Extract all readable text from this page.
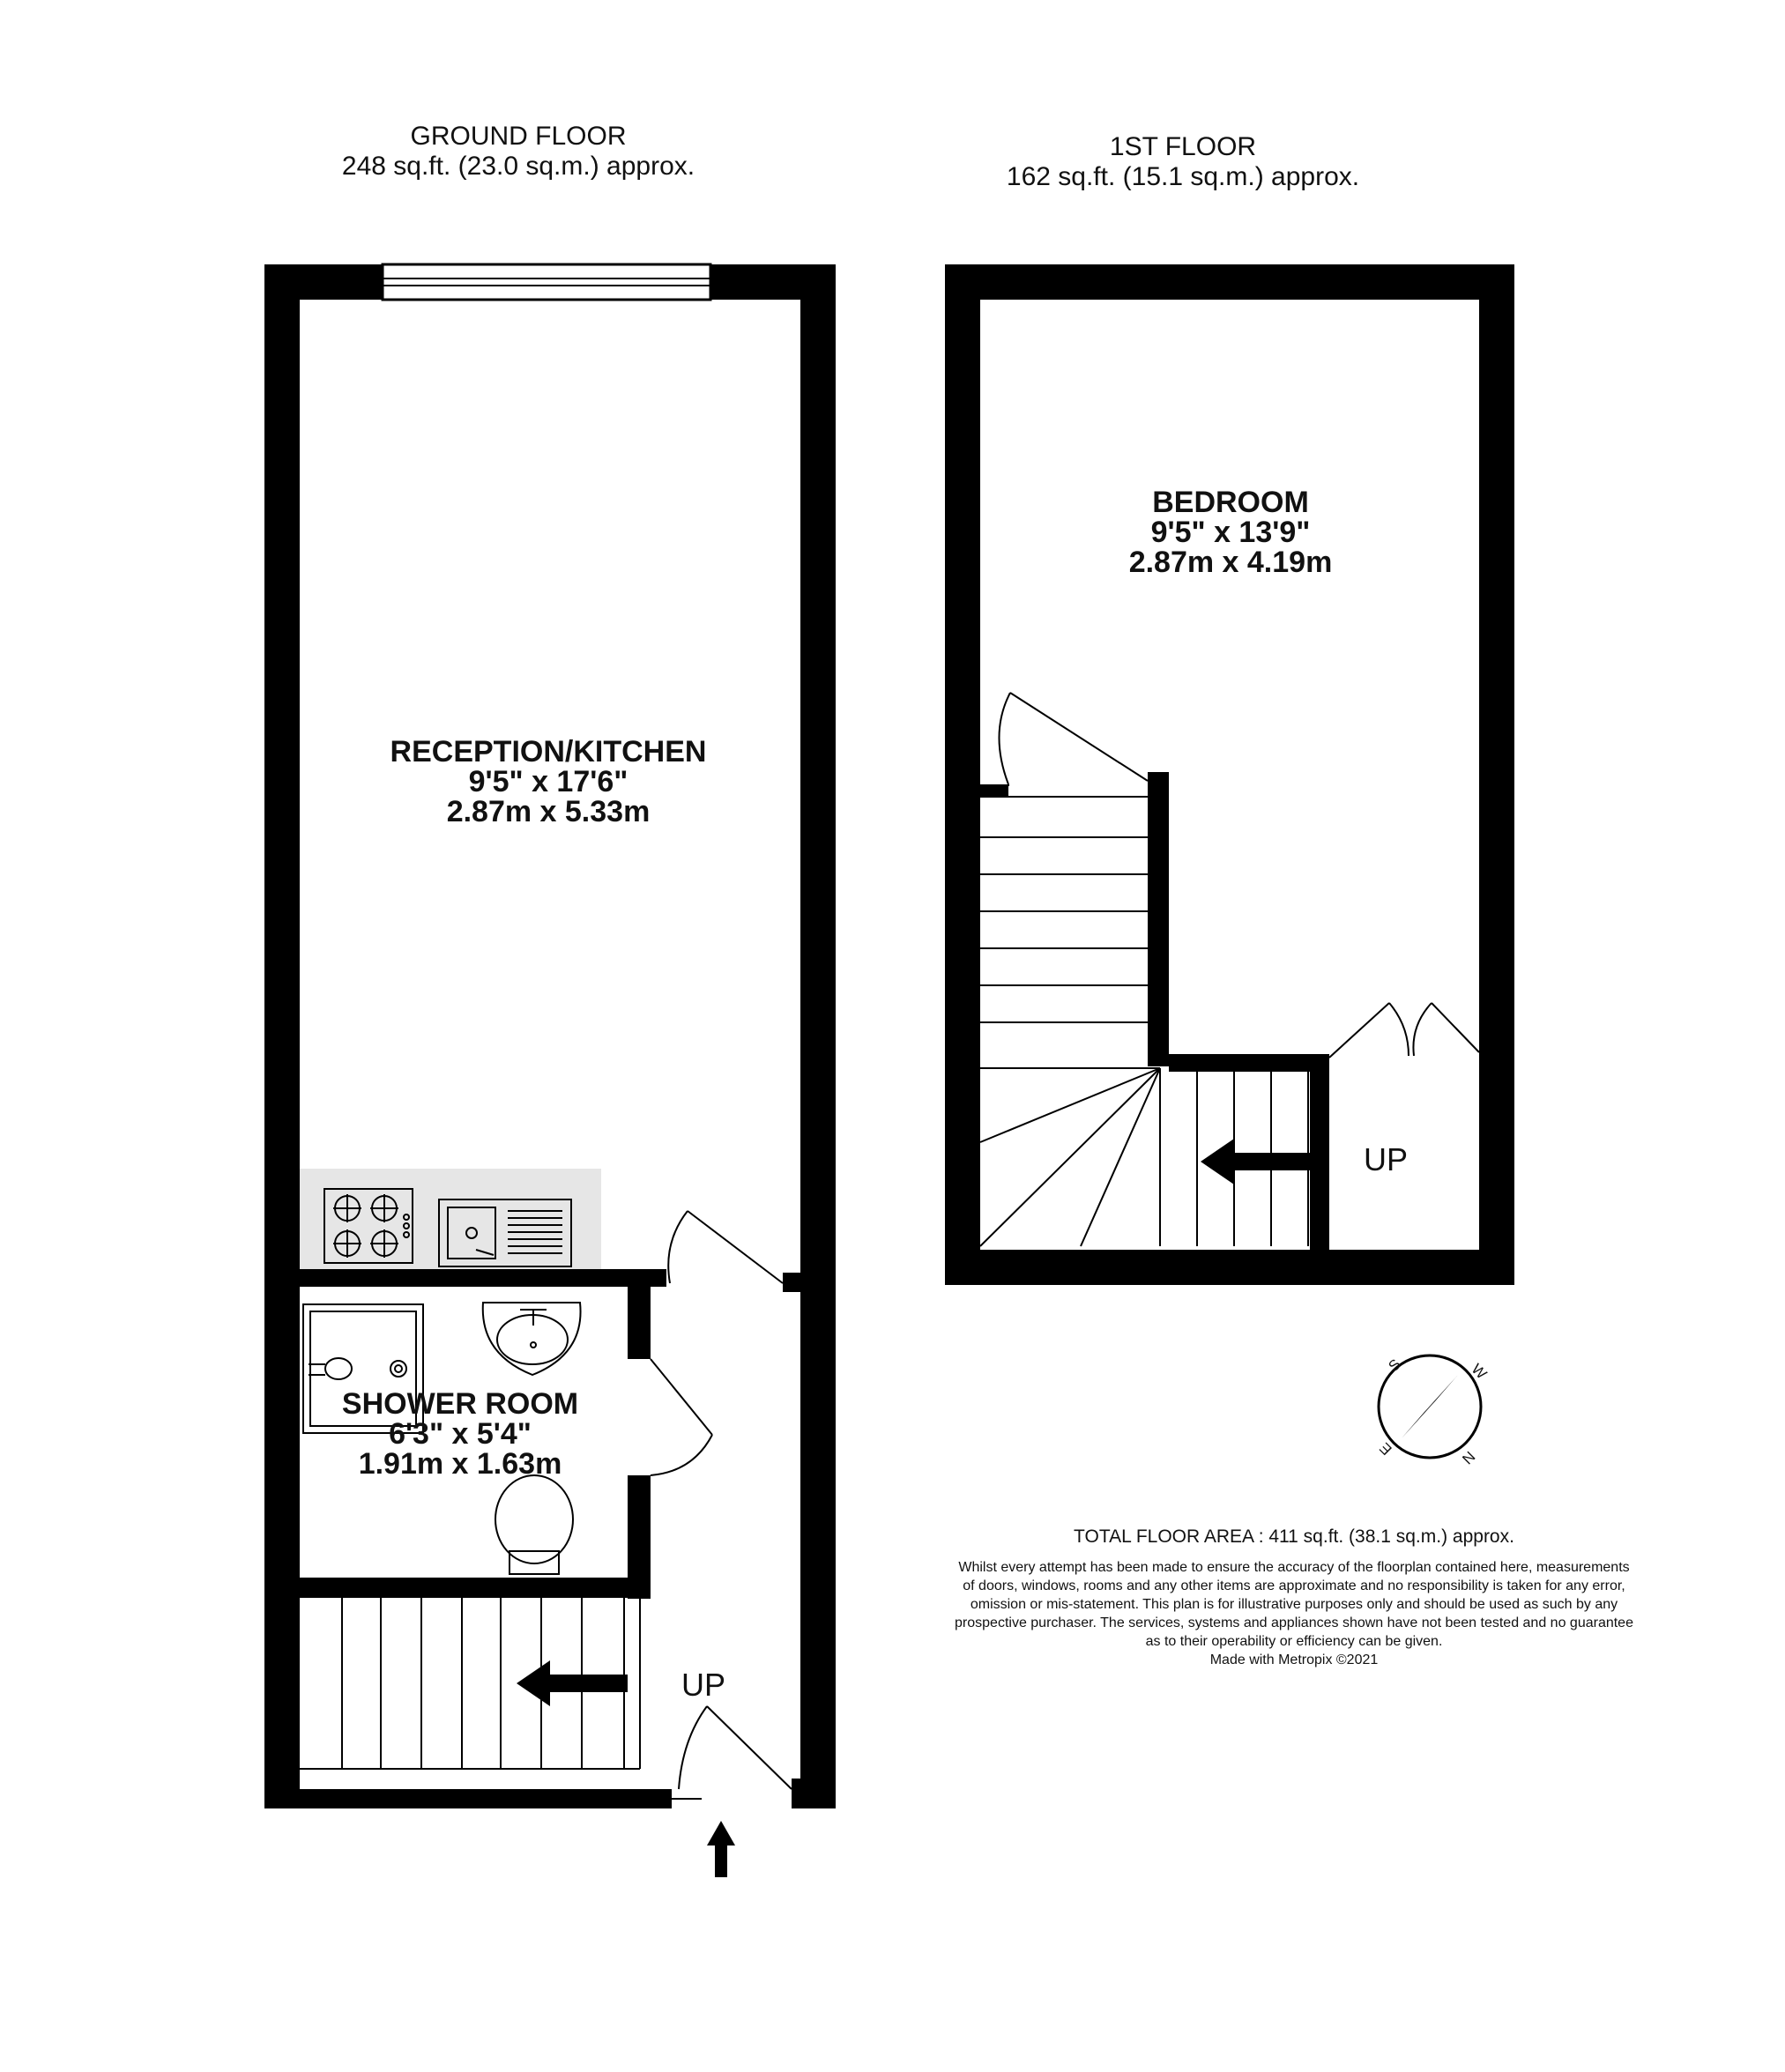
GROUND FLOOR
248 sq.ft. (23.0 sq.m.) approx.
1ST FLOOR
162 sq.ft. (15.1 sq.m.) approx.
RECEPTION/KITCHEN
9'5" x 17'6"
2.87m x 5.33m
SHOWER ROOM
6'3" x 5'4"
1.91m x 1.63m
BEDROOM
9'5" x 13'9"
2.87m x 4.19m
UP
UP
S	W
N
E
TOTAL FLOOR AREA : 411 sq.ft. (38.1 sq.m.) approx.
Whilst every attempt has been made to ensure the accuracy of the floorplan contained here, measurements
of doors, windows, rooms and any other items are approximate and no responsibility is taken for any error,
omission or mis-statement. This plan is for illustrative purposes only and should be used as such by any
prospective purchaser. The services, systems and appliances shown have not been tested and no guarantee
as to their operability or efficiency can be given.
Made with Metropix ©2021
